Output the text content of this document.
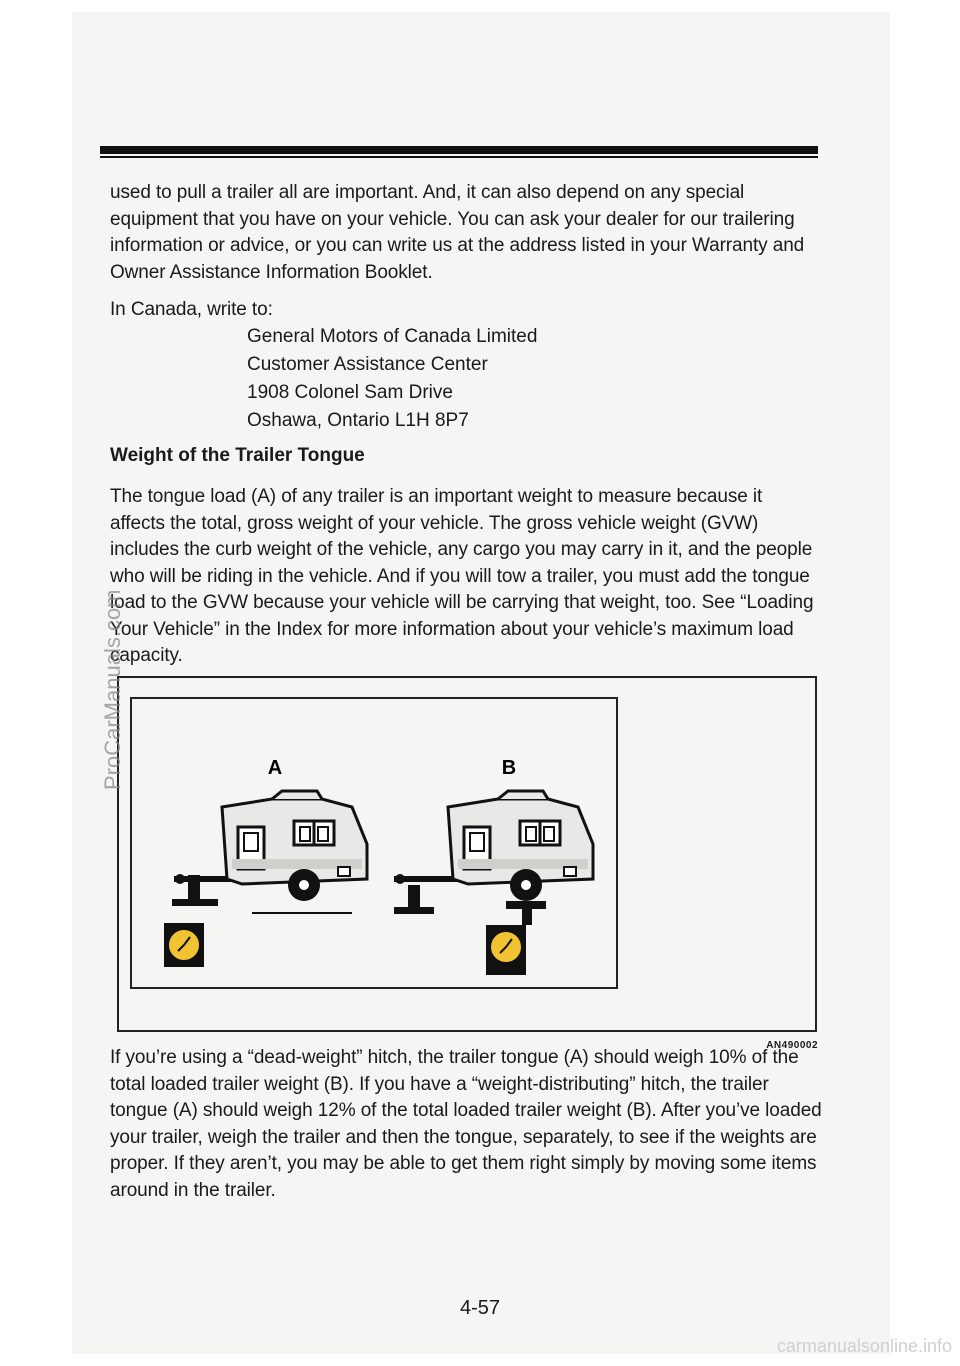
used to pull a trailer all are important. And, it can also depend on any special equipment that you have on your vehicle. You can ask your dealer for our trailering information or advice, or you can write us at the address listed in your Warranty and Owner Assistance Information Booklet.
In Canada, write to:
General Motors of Canada Limited
Customer Assistance Center
1908 Colonel Sam Drive
Oshawa, Ontario L1H 8P7
Weight of the Trailer Tongue
The tongue load (A) of any trailer is an important weight to measure because it affects the total, gross weight of your vehicle. The gross vehicle weight (GVW) includes the curb weight of the vehicle, any cargo you may carry in it, and the people who will be riding in the vehicle. And if you will tow a trailer, you must add the tongue load to the GVW because your vehicle will be carrying that weight, too. See “Loading Your Vehicle” in the Index for more information about your vehicle’s maximum load capacity.
A	B
AN490002
If you’re using a “dead-weight” hitch, the trailer tongue (A) should weigh 10% of the total loaded trailer weight (B). If you have a “weight-distributing” hitch, the trailer tongue (A) should weigh 12% of the total loaded trailer weight (B). After you’ve loaded your trailer, weigh the trailer and then the tongue, separately, to see if the weights are proper. If they aren’t, you may be able to get them right simply by moving some items around in the trailer.
4-57
ProCarManuals.com
carmanualsonline.info
